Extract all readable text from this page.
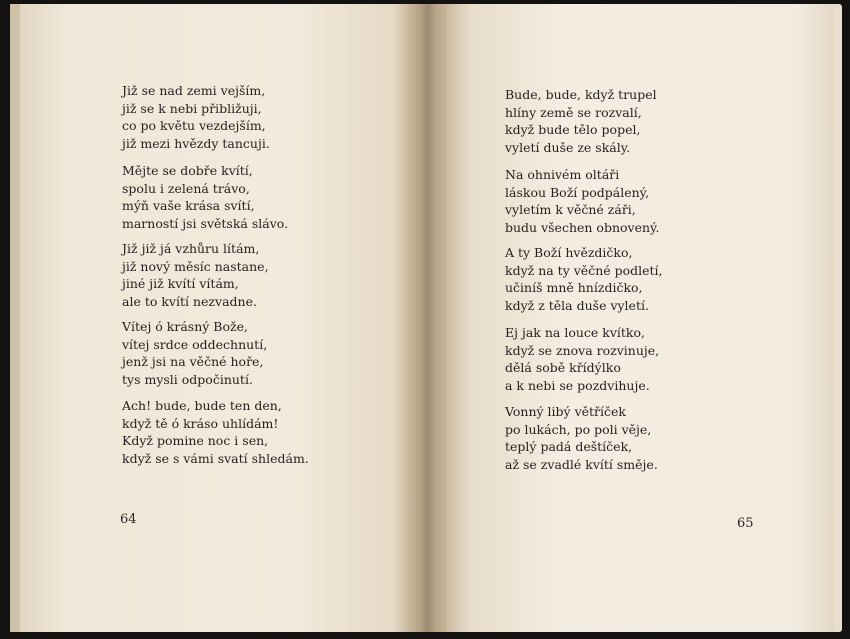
Již se nad zemi vejším,
již se k nebi přibližuji,
co po květu vezdejším,
již mezi hvězdy tancuji.

Mějte se dobře kvítí,
spolu i zelená trávo,
mýň vaše krása svítí,
marností jsi světská slávo.

Již již já vzhůru lítám,
již nový měsíc nastane,
jiné již kvítí vítám,
ale to kvítí nezvadne.

Vítej ó krásný Bože,
vítej srdce oddechnutí,
jenž jsi na věčné hoře,
tys mysli odpočinutí.

Ach! bude, bude ten den,
když tě ó kráso uhlídám!
Když pomine noc i sen,
když se s vámi svatí shledám.

64

Bude, bude, když trupel
hlíny země se rozvalí,
když bude tělo popel,
vyletí duše ze skály.

Na ohnivém oltáři
láskou Boží podpálený,
vyletím k věčné záři,
budu všechen obnovený.

A ty Boží hvězdičko,
když na ty věčné podletí,
učiníš mně hnízdičko,
když z těla duše vyletí.

Ej jak na louce kvítko,
když se znova rozvinuje,
dělá sobě křídýlko
a k nebi se pozdvihuje.

Vonný libý větříček
po lukách, po poli věje,
teplý padá deštíček,
až se zvadlé kvítí směje.

65
